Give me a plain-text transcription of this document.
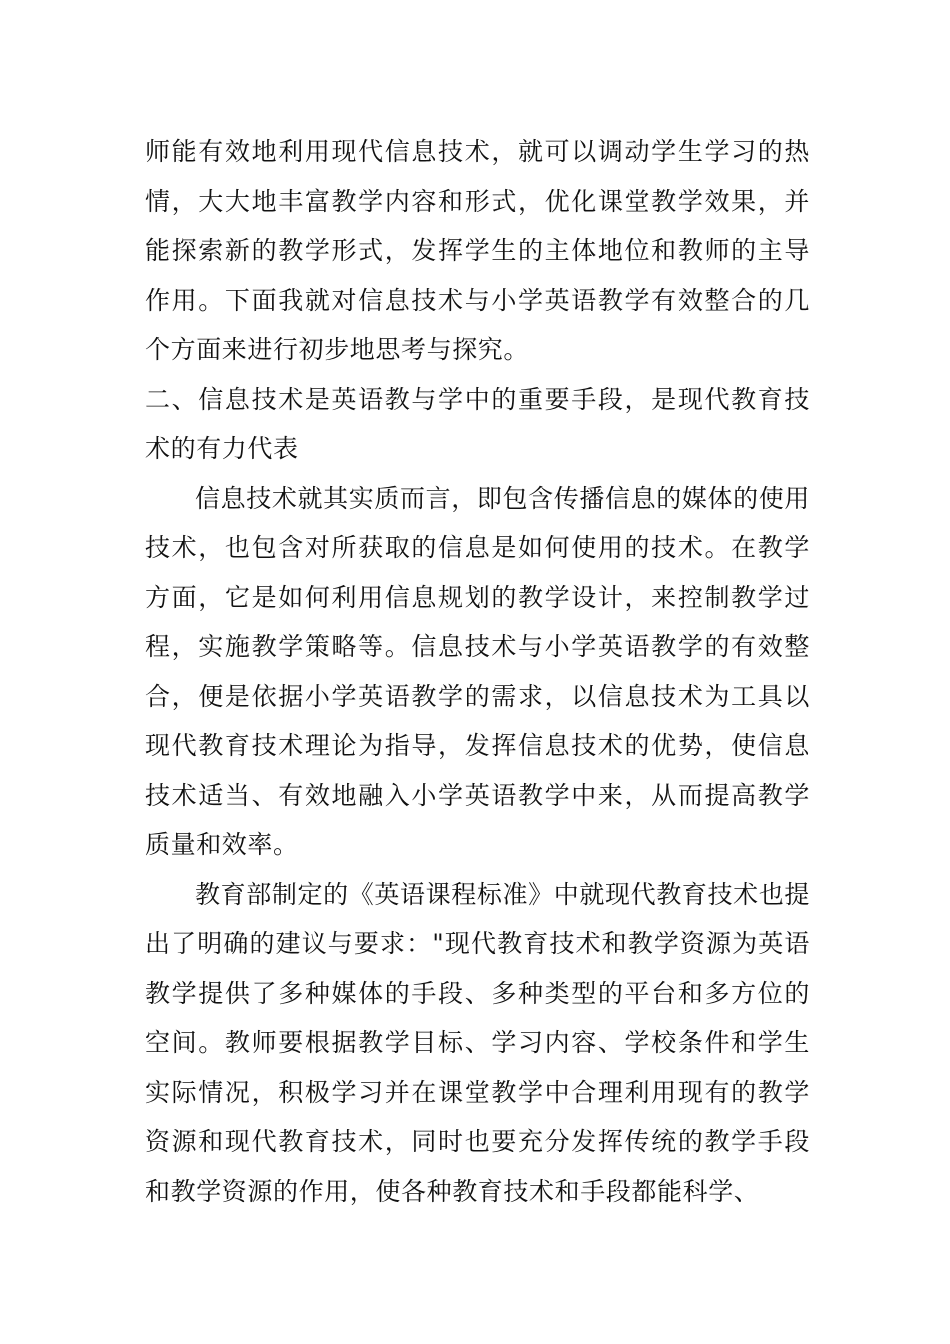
师能有效地利用现代信息技术，就可以调动学生学习的热情，大大地丰富教学内容和形式，优化课堂教学效果，并能探索新的教学形式，发挥学生的主体地位和教师的主导作用。下面我就对信息技术与小学英语教学有效整合的几个方面来进行初步地思考与探究。

二、信息技术是英语教与学中的重要手段，是现代教育技术的有力代表

信息技术就其实质而言，即包含传播信息的媒体的使用技术，也包含对所获取的信息是如何使用的技术。在教学方面，它是如何利用信息规划的教学设计，来控制教学过程，实施教学策略等。信息技术与小学英语教学的有效整合，便是依据小学英语教学的需求，以信息技术为工具以现代教育技术理论为指导，发挥信息技术的优势，使信息技术适当、有效地融入小学英语教学中来，从而提高教学质量和效率。

教育部制定的《英语课程标准》中就现代教育技术也提出了明确的建议与要求："现代教育技术和教学资源为英语教学提供了多种媒体的手段、多种类型的平台和多方位的空间。教师要根据教学目标、学习内容、学校条件和学生实际情况，积极学习并在课堂教学中合理利用现有的教学资源和现代教育技术，同时也要充分发挥传统的教学手段和教学资源的作用，使各种教育技术和手段都能科学、
